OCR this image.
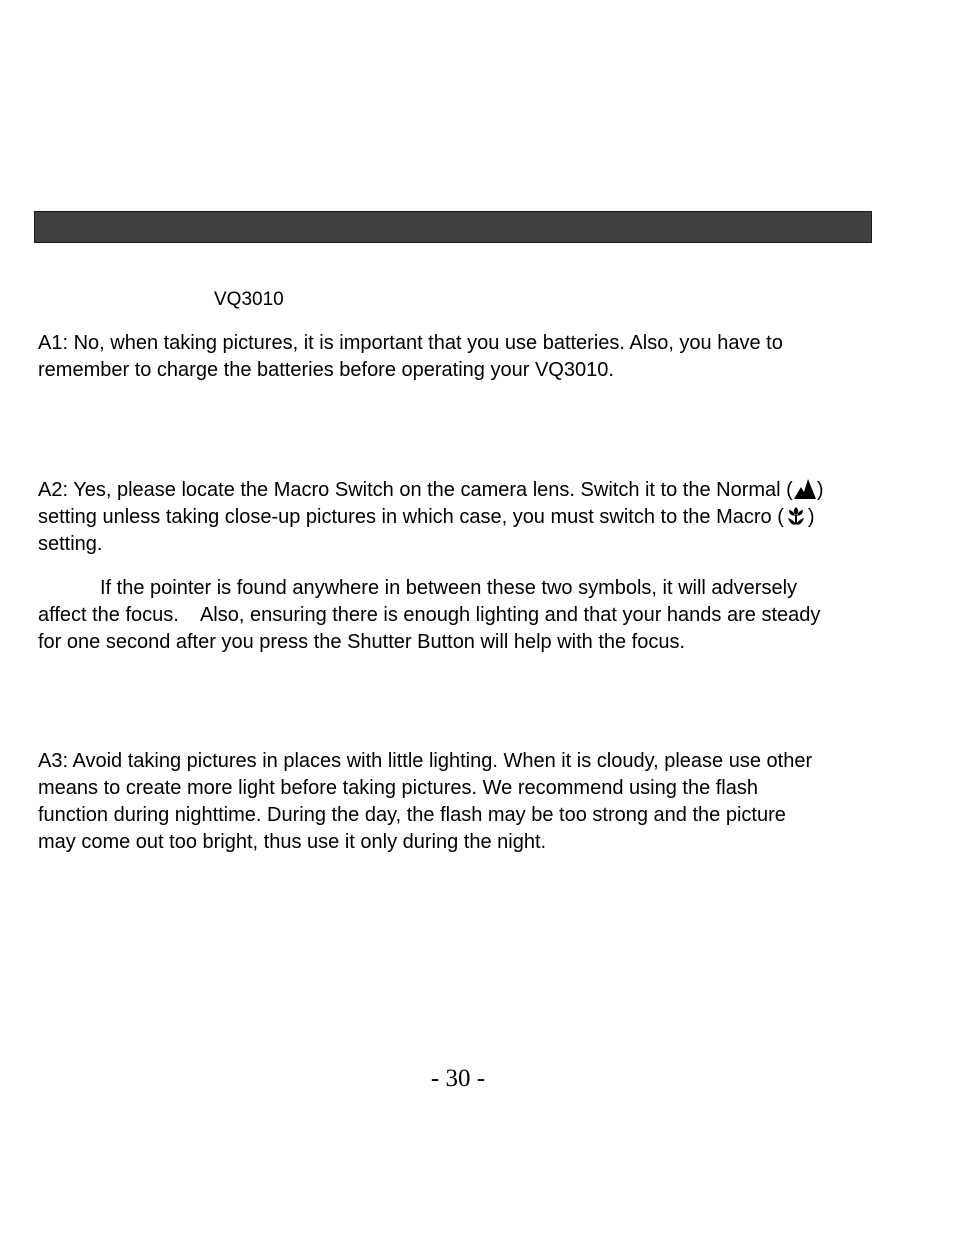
VQ3010
A1: No, when taking pictures, it is important that you use batteries. Also, you have to
remember to charge the batteries before operating your VQ3010.
A2: Yes, please locate the Macro Switch on the camera lens. Switch it to the Normal ( )
setting unless taking close-up pictures in which case, you must switch to the Macro ( )
setting.
If the pointer is found anywhere in between these two symbols, it will adversely
affect the focus.    Also, ensuring there is enough lighting and that your hands are steady
for one second after you press the Shutter Button will help with the focus.
A3: Avoid taking pictures in places with little lighting. When it is cloudy, please use other
means to create more light before taking pictures. We recommend using the flash
function during nighttime. During the day, the flash may be too strong and the picture
may come out too bright, thus use it only during the night.
- 30 -
